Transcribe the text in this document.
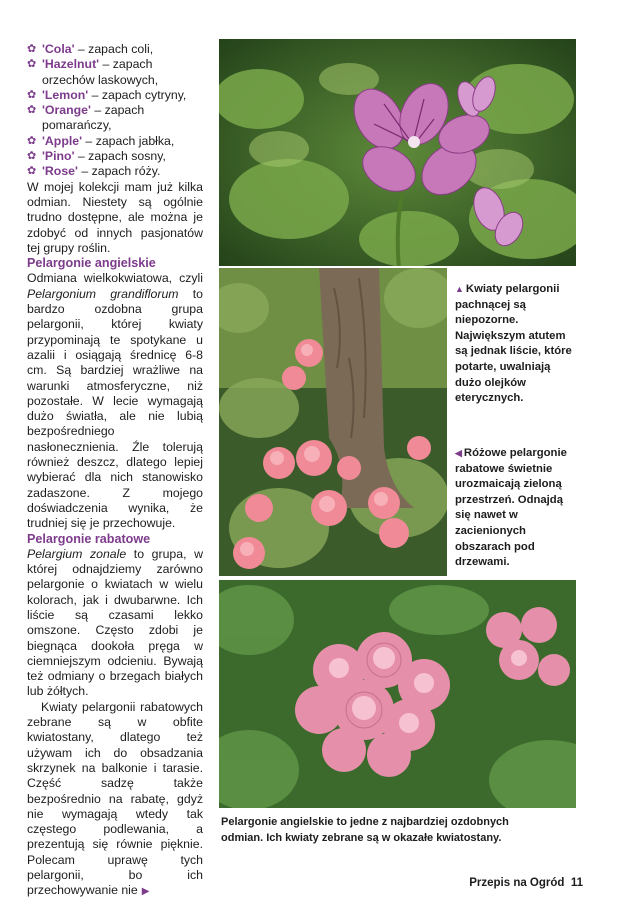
✿ 'Cola' – zapach coli,
✿ 'Hazelnut' – zapach orzechów laskowych,
✿ 'Lemon' – zapach cytryny,
✿ 'Orange' – zapach pomarańczy,
✿ 'Apple' – zapach jabłka,
✿ 'Pino' – zapach sosny,
✿ 'Rose' – zapach róży.

W mojej kolekcji mam już kilka odmian. Niestety są ogólnie trudno dostępne, ale można je zdobyć od innych pasjonatów tej grupy roślin.

Pelargonie angielskie

Odmiana wielkokwiatowa, czyli Pelargonium grandiflorum to bardzo ozdobna grupa pelargonii, której kwiaty przypominają te spotykane u azalii i osiągają średnicę 6-8 cm. Są bardziej wrażliwe na warunki atmosferyczne, niż pozostałe. W lecie wymagają dużo światła, ale nie lubią bezpośredniego nasłonecznienia. Źle tolerują również deszcz, dlatego lepiej wybierać dla nich stanowisko zadaszone. Z mojego doświadczenia wynika, że trudniej się je przechowuje.

Pelargonie rabatowe

Pelargium zonale to grupa, w której odnajdziemy zarówno pelargonie o kwiatach w wielu kolorach, jak i dwubarwne. Ich liście są czasami lekko omszone. Często zdobi je biegnąca dookoła pręga w ciemniejszym odcieniu. Bywają też odmiany o brzegach białych lub żółtych.

Kwiaty pelargonii rabatowych zebrane są w obfite kwiatostany, dlatego też używam ich do obsadzania skrzynek na balkonie i tarasie. Część sadzę także bezpośrednio na rabatę, gdyż nie wymagają wtedy tak częstego podlewania, a prezentują się równie pięknie. Polecam uprawę tych pelargonii, bo ich przechowywanie nie ▶

▲ Kwiaty pelargonii pachnącej są niepozorne. Największym atutem są jednak liście, które potarte, uwalniają dużo olejków eterycznych.
◀ Różowe pelargonie rabatowe świetnie urozmaicają zieloną przestrzeń. Odnajdą się nawet w zacienionych obszarach pod drzewami.
Pelargonie angielskie to jedne z najbardziej ozdobnych odmian. Ich kwiaty zebrane są w okazałe kwiatostany.
Przepis na Ogród 11
